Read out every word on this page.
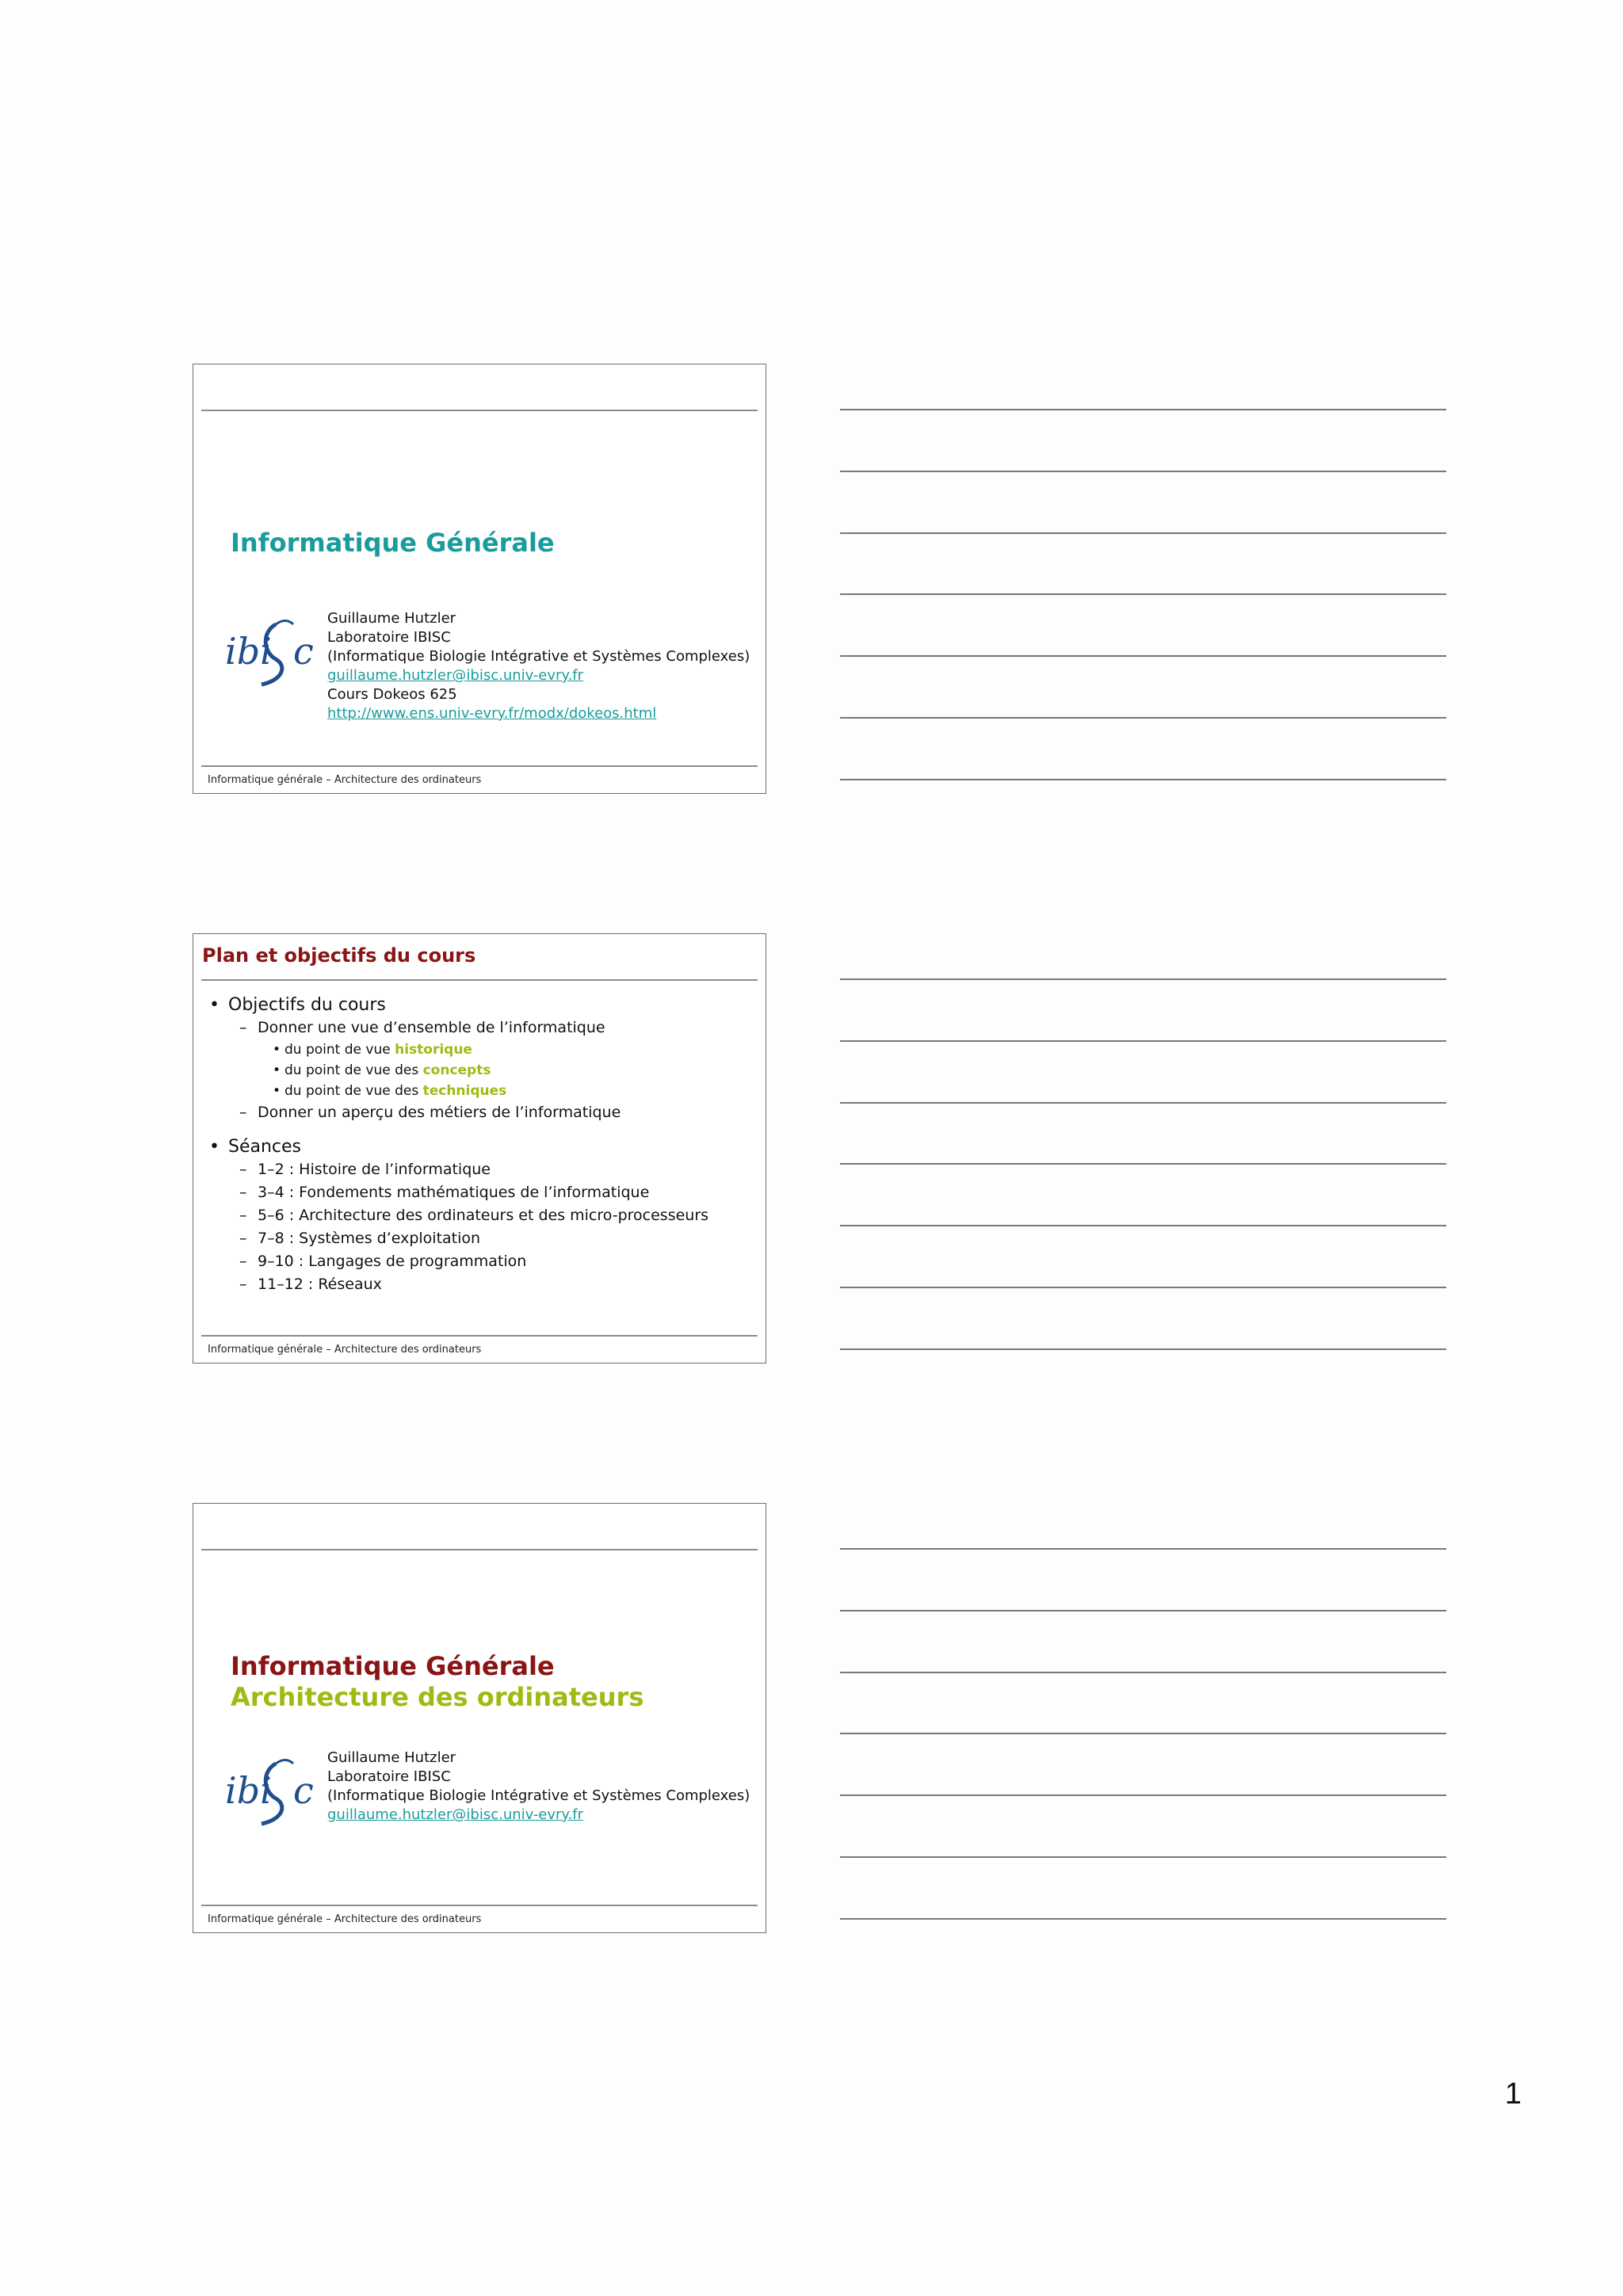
Informatique Générale
ibi c
Guillaume Hutzler
Laboratoire IBISC
(Informatique Biologie Intégrative et Systèmes Complexes)
guillaume.hutzler@ibisc.univ-evry.fr
Cours Dokeos 625
http://www.ens.univ-evry.fr/modx/dokeos.html
Informatique générale – Architecture des ordinateurs
Plan et objectifs du cours
• Objectifs du cours
– Donner une vue d’ensemble de l’informatique
• du point de vue historique
• du point de vue des concepts
• du point de vue des techniques
– Donner un aperçu des métiers de l’informatique
• Séances
– 1–2 : Histoire de l’informatique
– 3–4 : Fondements mathématiques de l’informatique
– 5–6 : Architecture des ordinateurs et des micro-processeurs
– 7–8 : Systèmes d’exploitation
– 9–10 : Langages de programmation
– 11–12 : Réseaux
Informatique générale – Architecture des ordinateurs
Informatique Générale
Architecture des ordinateurs
ibi c
Guillaume Hutzler
Laboratoire IBISC
(Informatique Biologie Intégrative et Systèmes Complexes)
guillaume.hutzler@ibisc.univ-evry.fr
Informatique générale – Architecture des ordinateurs
1
